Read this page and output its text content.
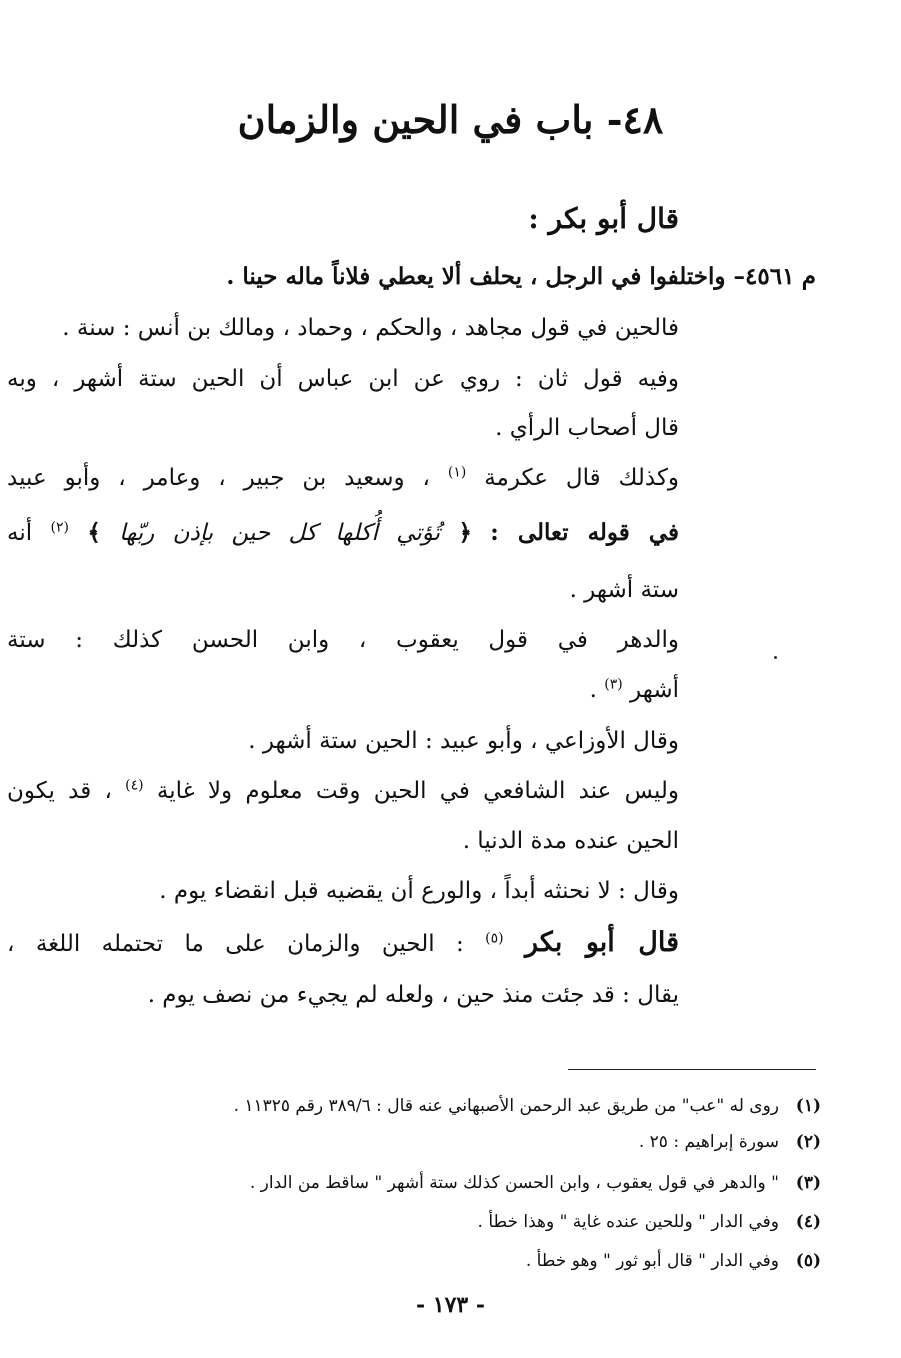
٤٨- باب في الحين والزمان
قال أبو بكر :
م ٤٥٦١– واختلفوا في الرجل ، يحلف ألا يعطي فلاناً ماله حينا .
فالحين في قول مجاهد ، والحكم ، وحماد ، ومالك بن أنس : سنة .
وفيه قول ثان : روي عن ابن عباس أن الحين ستة أشهر ، وبه
قال أصحاب الرأي .
وكذلك قال عكرمة $^{(١)}$ ، وسعيد بن جبير ، وعامر ، وأبو عبيد
في قوله تعالى : ﴿ تُؤتي أُكلها كل حين بإذن ربّها ﴾ $^{(٢)}$ أنه
ستة أشهر .
والدهر في قول يعقوب ، وابن الحسن كذلك : ستة
أشهر $^{(٣)}$ .
وقال الأوزاعي ، وأبو عبيد : الحين ستة أشهر .
وليس عند الشافعي في الحين وقت معلوم ولا غاية $^{(٤)}$ ، قد يكون
الحين عنده مدة الدنيا .
وقال : لا نحنثه أبداً ، والورع أن يقضيه قبل انقضاء يوم .
قال أبو بكر $^{(٥)}$ : الحين والزمان على ما تحتمله اللغة ،
يقال : قد جئت منذ حين ، ولعله لم يجيء من نصف يوم .
(١)روى له "عب" من طريق عبد الرحمن الأصبهاني عنه قال : ٣٨٩/٦ رقم ١١٣٢٥ .
(٢)سورة إبراهيم : ٢٥ .
(٣)" والدهر في قول يعقوب ، وابن الحسن كذلك ستة أشهر " ساقط من الدار .
(٤)وفي الدار " وللحين عنده غاية " وهذا خطأ .
(٥)وفي الدار " قال أبو ثور " وهو خطأ .
- ١٧٣ -
